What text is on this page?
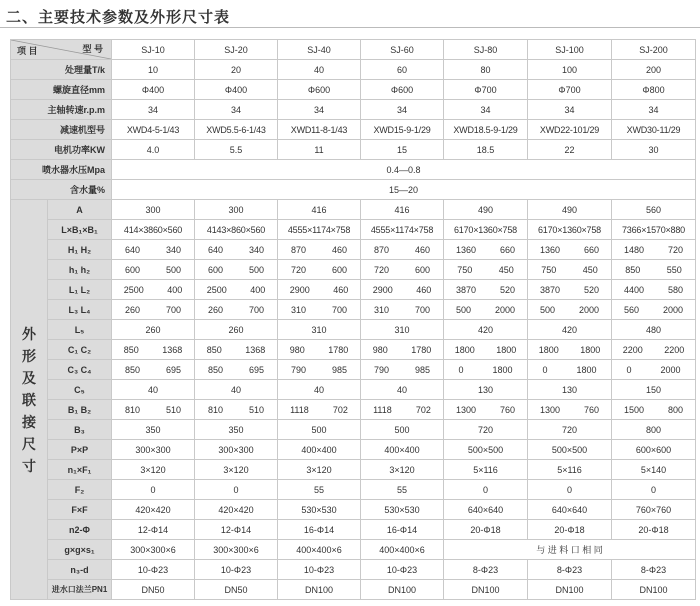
二、主要技术参数及外形尺寸表
型 号
项 目		SJ-10	SJ-20	SJ-40	SJ-60	SJ-80	SJ-100	SJ-200
处理量T/k		10	20	40	60	80	100	200
螺旋直径mm		Φ400	Φ400	Φ600	Φ600	Φ700	Φ700	Φ800
主轴转速r.p.m		34	34	34	34	34	34	34
减速机型号		XWD4-5-1/43	XWD5.5-6-1/43	XWD11-8-1/43	XWD15-9-1/29	XWD18.5-9-1/29	XWD22-101/29	XWD30-11/29
电机功率KW		4.0	5.5	11	15	18.5	22	30
喷水器水压Mpa		0.4—0.8						
含水量%		15—20						
外形及联接尺寸	A	300	300	416	416	490	490	560
	L×B₁×B₁	414×3860×560	4143×860×560	4555×1174×758	4555×1174×758	6170×1360×758	6170×1360×758	7366×1570×880
	H₁ H₂	640 340	640 340	870 460	870 460	1360 660	1360 660	1480 720

	h₁ h₂	600 500	600 500	720 600	720 600	750 450	750 450	850 550

	L₁ L₂	2500 400	2500 400	2900 460	2900 460	3870 520	3870 520	4400 580

	L₃ L₄	260 700	260 700	310 700	310 700	500 2000	500 2000	560 2000

	L₅	260	260	310	310	420	420	480
	C₁ C₂	850 1368	850 1368	980 1780	980 1780	1800 1800	1800 1800	2200 2200

	C₃ C₄	850 695	850 695	790 985	790 985	0 1800	0 1800	0 2000

	C₅	40	40	40	40	130	130	150
	B₁ B₂	810 510	810 510	1118 702	1118 702	1300 760	1300 760	1500 800

	B₃	350	350	500	500	720	720	800
	P×P	300×300	300×300	400×400	400×400	500×500	500×500	600×600
	n₁×F₁	3×120	3×120	3×120	3×120	5×116	5×116	5×140
	F₂	0	0	55	55	0	0	0
	F×F	420×420	420×420	530×530	530×530	640×640	640×640	760×760
	n2-Φ	12-Φ14	12-Φ14	16-Φ14	16-Φ14	20-Φ18	20-Φ18	20-Φ18
	g×g×s₁	300×300×6	300×300×6	400×400×6	400×400×6	与 进 料 口 相 同		
	n₃-d	10-Φ23	10-Φ23	10-Φ23	10-Φ23	8-Φ23	8-Φ23	8-Φ23
	进水口法兰PN1	DN50	DN50	DN100	DN100	DN100	DN100	DN100
